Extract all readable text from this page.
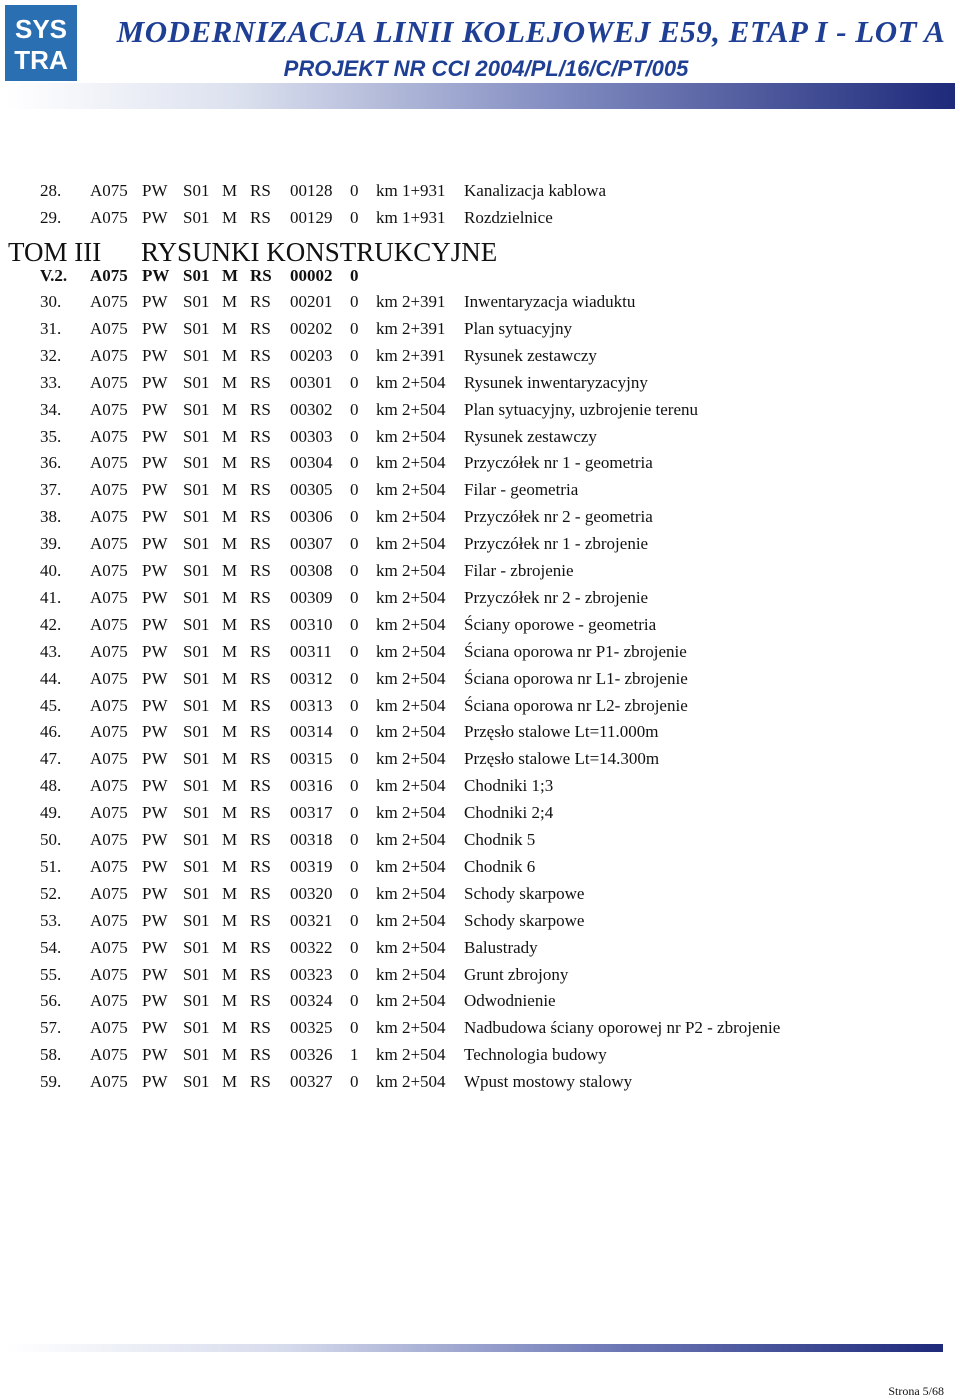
SYS
TRA
MODERNIZACJA LINII KOLEJOWEJ E59, ETAP I - LOT A
PROJEKT NR CCI 2004/PL/16/C/PT/005
28. A075 PW S01 M RS 00128 0 km 1+931 Kanalizacja kablowa
29. A075 PW S01 M RS 00129 0 km 1+931 Rozdzielnice
V.2. A075 PW S01 M RS 00002 0
30. A075 PW S01 M RS 00201 0 km 2+391 Inwentaryzacja wiaduktu
31. A075 PW S01 M RS 00202 0 km 2+391 Plan sytuacyjny
32. A075 PW S01 M RS 00203 0 km 2+391 Rysunek zestawczy
33. A075 PW S01 M RS 00301 0 km 2+504 Rysunek inwentaryzacyjny
34. A075 PW S01 M RS 00302 0 km 2+504 Plan sytuacyjny, uzbrojenie terenu
35. A075 PW S01 M RS 00303 0 km 2+504 Rysunek zestawczy
36. A075 PW S01 M RS 00304 0 km 2+504 Przyczółek nr 1 - geometria
37. A075 PW S01 M RS 00305 0 km 2+504 Filar - geometria
38. A075 PW S01 M RS 00306 0 km 2+504 Przyczółek nr 2 - geometria
39. A075 PW S01 M RS 00307 0 km 2+504 Przyczółek nr 1 - zbrojenie
40. A075 PW S01 M RS 00308 0 km 2+504 Filar - zbrojenie
41. A075 PW S01 M RS 00309 0 km 2+504 Przyczółek nr 2 - zbrojenie
42. A075 PW S01 M RS 00310 0 km 2+504 Ściany oporowe - geometria
43. A075 PW S01 M RS 00311 0 km 2+504 Ściana oporowa nr P1- zbrojenie
44. A075 PW S01 M RS 00312 0 km 2+504 Ściana oporowa nr L1- zbrojenie
45. A075 PW S01 M RS 00313 0 km 2+504 Ściana oporowa nr L2- zbrojenie
46. A075 PW S01 M RS 00314 0 km 2+504 Przęsło stalowe Lt=11.000m
47. A075 PW S01 M RS 00315 0 km 2+504 Przęsło stalowe Lt=14.300m
48. A075 PW S01 M RS 00316 0 km 2+504 Chodniki 1;3
49. A075 PW S01 M RS 00317 0 km 2+504 Chodniki 2;4
50. A075 PW S01 M RS 00318 0 km 2+504 Chodnik 5
51. A075 PW S01 M RS 00319 0 km 2+504 Chodnik 6
52. A075 PW S01 M RS 00320 0 km 2+504 Schody skarpowe
53. A075 PW S01 M RS 00321 0 km 2+504 Schody skarpowe
54. A075 PW S01 M RS 00322 0 km 2+504 Balustrady
55. A075 PW S01 M RS 00323 0 km 2+504 Grunt zbrojony
56. A075 PW S01 M RS 00324 0 km 2+504 Odwodnienie
57. A075 PW S01 M RS 00325 0 km 2+504 Nadbudowa ściany oporowej nr P2 - zbrojenie
58. A075 PW S01 M RS 00326 1 km 2+504 Technologia budowy
59. A075 PW S01 M RS 00327 0 km 2+504 Wpust mostowy stalowy
TOM III RYSUNKI KONSTRUKCYJNE
Strona 5/68
